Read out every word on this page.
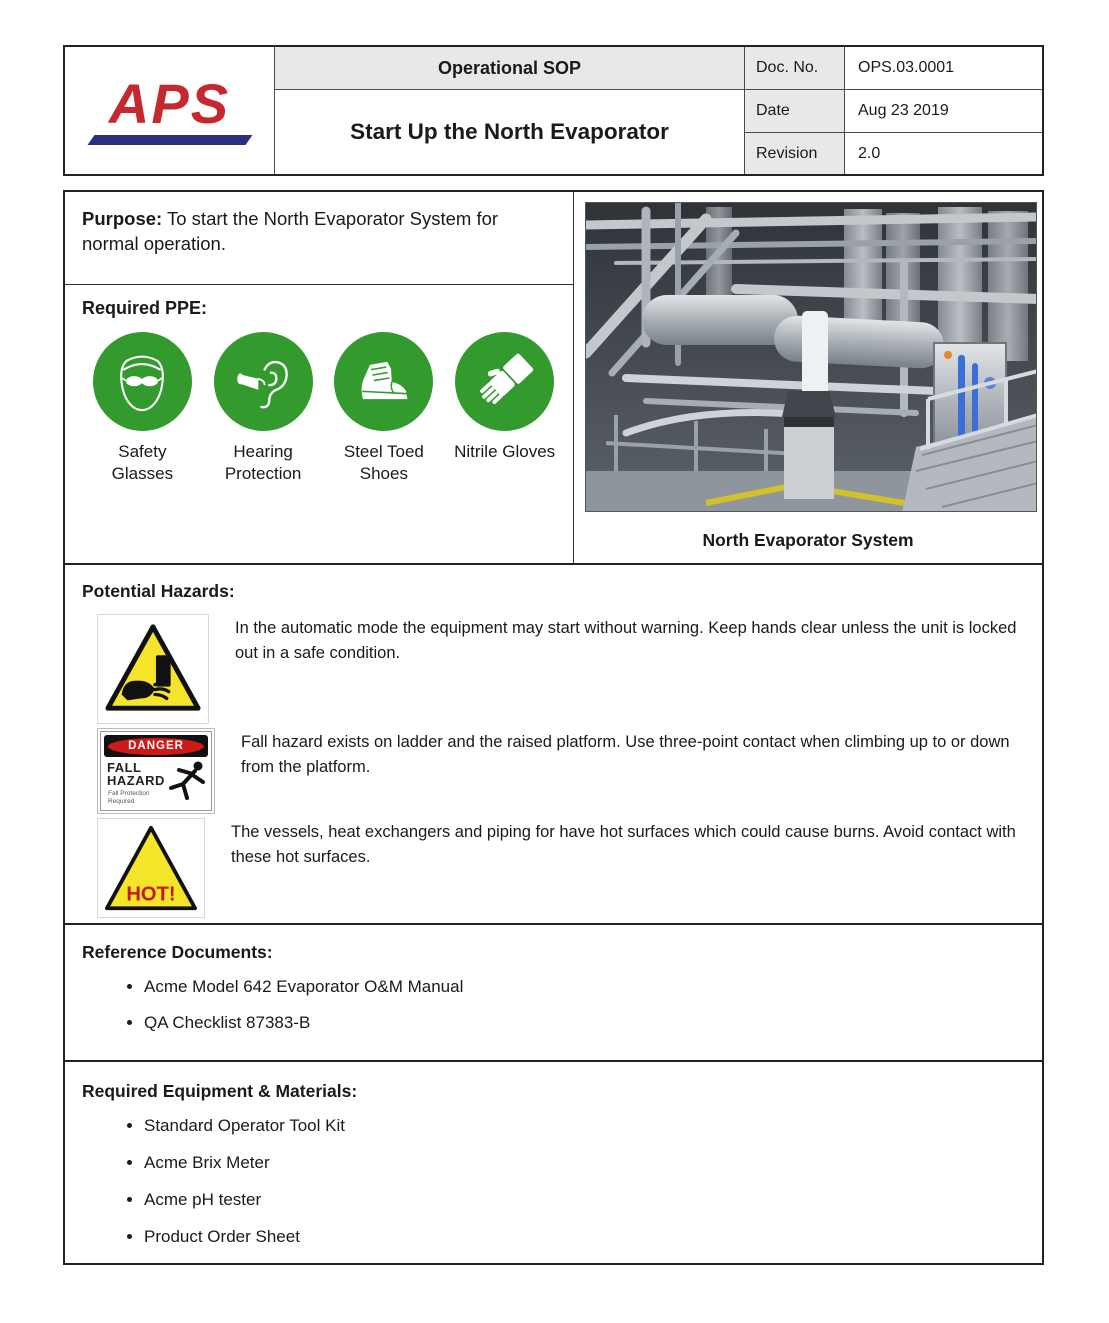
APS
Operational SOP
Start Up the North Evaporator
Doc. No.	OPS.03.0001
Date	Aug 23 2019
Revision	2.0
Purpose: To start the North Evaporator System for normal operation.
Required PPE:
Safety Glasses
Hearing Protection
Steel Toed Shoes
Nitrile Gloves
North Evaporator System
Potential Hazards:
In the automatic mode the equipment may start without warning. Keep hands clear unless the unit is locked out in a safe condition.
DANGER
FALL
HAZARD
Fall Protection
Required
Fall hazard exists on ladder and the raised platform. Use three-point contact when climbing up to or down from the platform.
HOT!
The vessels, heat exchangers and piping for have hot surfaces which could cause burns. Avoid contact with these hot surfaces.
Reference Documents:
• Acme Model 642 Evaporator O&M Manual
• QA Checklist 87383-B
Required Equipment & Materials:
• Standard Operator Tool Kit
• Acme Brix Meter
• Acme pH tester
• Product Order Sheet
